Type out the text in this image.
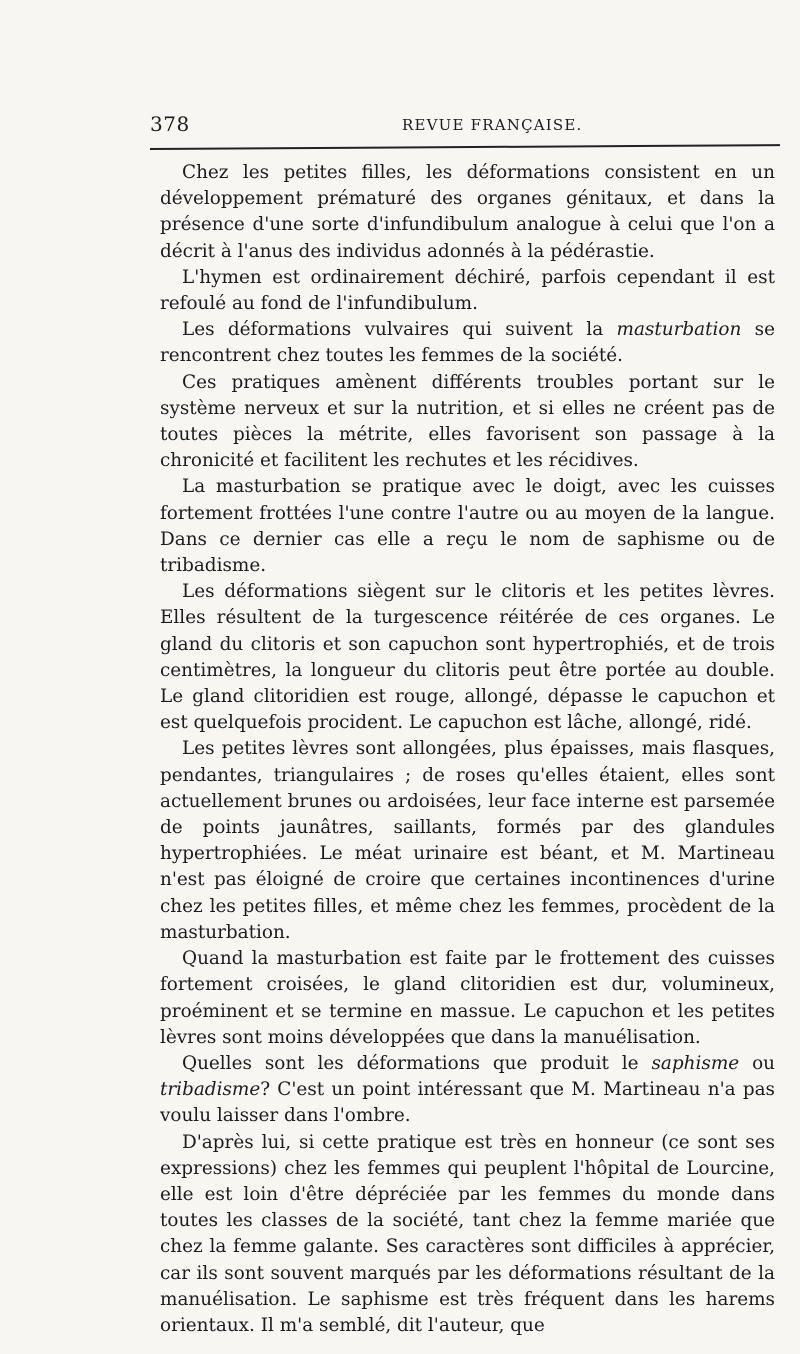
378	REVUE FRANÇAISE.

Chez les petites filles, les déformations consistent en un développement prématuré des organes génitaux, et dans la présence d'une sorte d'infundibulum analogue à celui que l'on a décrit à l'anus des individus adonnés à la pédérastie.

L'hymen est ordinairement déchiré, parfois cependant il est refoulé au fond de l'infundibulum.

Les déformations vulvaires qui suivent la masturbation se rencontrent chez toutes les femmes de la société.

Ces pratiques amènent différents troubles portant sur le système nerveux et sur la nutrition, et si elles ne créent pas de toutes pièces la métrite, elles favorisent son passage à la chronicité et facilitent les rechutes et les récidives.

La masturbation se pratique avec le doigt, avec les cuisses fortement frottées l'une contre l'autre ou au moyen de la langue. Dans ce dernier cas elle a reçu le nom de saphisme ou de tribadisme.

Les déformations siègent sur le clitoris et les petites lèvres. Elles résultent de la turgescence réitérée de ces organes. Le gland du clitoris et son capuchon sont hypertrophiés, et de trois centimètres, la longueur du clitoris peut être portée au double. Le gland clitoridien est rouge, allongé, dépasse le capuchon et est quelquefois procident. Le capuchon est lâche, allongé, ridé.

Les petites lèvres sont allongées, plus épaisses, mais flasques, pendantes, triangulaires ; de roses qu'elles étaient, elles sont actuellement brunes ou ardoisées, leur face interne est parsemée de points jaunâtres, saillants, formés par des glandules hypertrophiées. Le méat urinaire est béant, et M. Martineau n'est pas éloigné de croire que certaines incontinences d'urine chez les petites filles, et même chez les femmes, procèdent de la masturbation.

Quand la masturbation est faite par le frottement des cuisses fortement croisées, le gland clitoridien est dur, volumineux, proéminent et se termine en massue. Le capuchon et les petites lèvres sont moins développées que dans la manuélisation.

Quelles sont les déformations que produit le saphisme ou tribadisme? C'est un point intéressant que M. Martineau n'a pas voulu laisser dans l'ombre.

D'après lui, si cette pratique est très en honneur (ce sont ses expressions) chez les femmes qui peuplent l'hôpital de Lourcine, elle est loin d'être dépréciée par les femmes du monde dans toutes les classes de la société, tant chez la femme mariée que chez la femme galante. Ses caractères sont difficiles à apprécier, car ils sont souvent marqués par les déformations résultant de la manuélisation. Le saphisme est très fréquent dans les harems orientaux. Il m'a semblé, dit l'auteur, que
